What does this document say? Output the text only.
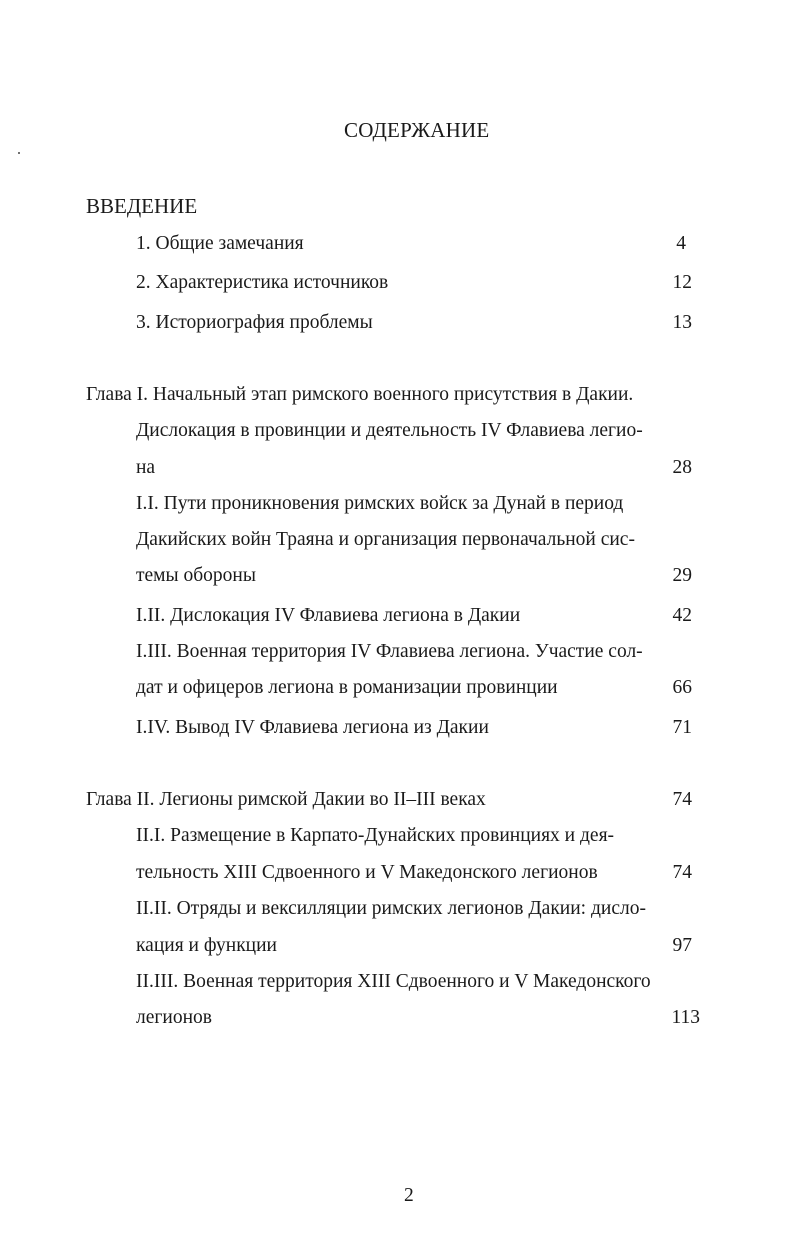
СОДЕРЖАНИЕ
ВВЕДЕНИЕ
1. Общие замечания	4
2. Характеристика источников	12
3. Историография проблемы	13
Глава I. Начальный этап римского военного присутствия в Дакии.
Дислокация в провинции и деятельность IV Флавиева легио-
на	28
I.I. Пути проникновения римских войск за Дунай в период
Дакийских войн Траяна и организация первоначальной сис-
темы обороны	29
I.II. Дислокация IV Флавиева легиона в Дакии	42
I.III. Военная территория IV Флавиева легиона. Участие сол-
дат и офицеров легиона в романизации провинции	66
I.IV. Вывод IV Флавиева легиона из Дакии	71
Глава II. Легионы римской Дакии во II–III веках	74
II.I. Размещение в Карпато-Дунайских провинциях и дея-
тельность XIII Сдвоенного и V Македонского легионов	74
II.II. Отряды и вексилляции римских легионов Дакии: дисло-
кация и функции	97
II.III. Военная территория XIII Сдвоенного и V Македонского
легионов	113
2
